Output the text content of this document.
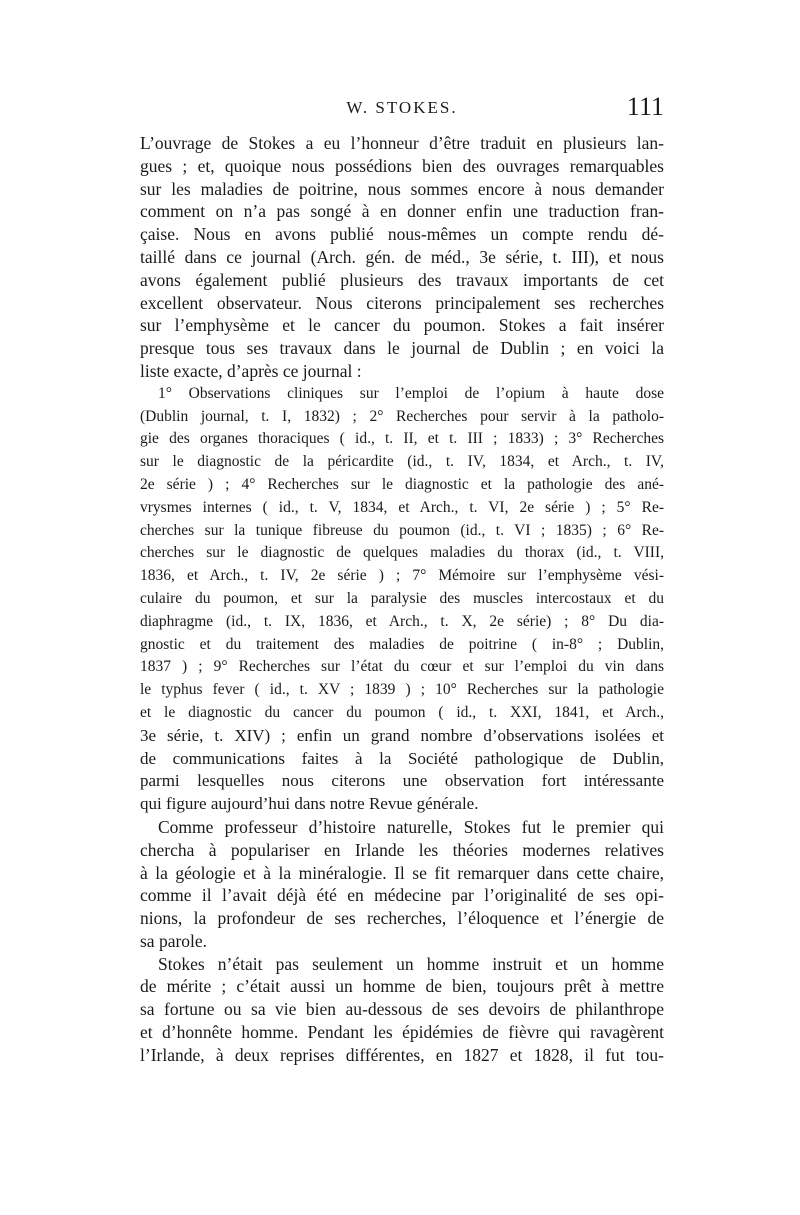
W. STOKES.	111
L’ouvrage de Stokes a eu l’honneur d’être traduit en plusieurs lan-
gues ; et, quoique nous possédions bien des ouvrages remarquables
sur les maladies de poitrine, nous sommes encore à nous demander
comment on n’a pas songé à en donner enfin une traduction fran-
çaise. Nous en avons publié nous-mêmes un compte rendu dé-
taillé dans ce journal (Arch. gén. de méd., 3e série, t. III), et nous
avons également publié plusieurs des travaux importants de cet
excellent observateur. Nous citerons principalement ses recherches
sur l’emphysème et le cancer du poumon. Stokes a fait insérer
presque tous ses travaux dans le journal de Dublin ; en voici la
liste exacte, d’après ce journal :
1° Observations cliniques sur l’emploi de l’opium à haute dose
(Dublin journal, t. I, 1832) ; 2° Recherches pour servir à la patholo-
gie des organes thoraciques ( id., t. II, et t. III ; 1833) ; 3° Recherches
sur le diagnostic de la péricardite (id., t. IV, 1834, et Arch., t. IV,
2e série ) ; 4° Recherches sur le diagnostic et la pathologie des ané-
vrysmes internes ( id., t. V, 1834, et Arch., t. VI, 2e série ) ; 5° Re-
cherches sur la tunique fibreuse du poumon (id., t. VI ; 1835) ; 6° Re-
cherches sur le diagnostic de quelques maladies du thorax (id., t. VIII,
1836, et Arch., t. IV, 2e série ) ; 7° Mémoire sur l’emphysème vési-
culaire du poumon, et sur la paralysie des muscles intercostaux et du
diaphragme (id., t. IX, 1836, et Arch., t. X, 2e série) ; 8° Du dia-
gnostic et du traitement des maladies de poitrine ( in-8° ; Dublin,
1837 ) ; 9° Recherches sur l’état du cœur et sur l’emploi du vin dans
le typhus fever ( id., t. XV ; 1839 ) ; 10° Recherches sur la pathologie
et le diagnostic du cancer du poumon ( id., t. XXI, 1841, et Arch.,
3e série, t. XIV) ; enfin un grand nombre d’observations isolées et
de communications faites à la Société pathologique de Dublin,
parmi lesquelles nous citerons une observation fort intéressante
qui figure aujourd’hui dans notre Revue générale.
Comme professeur d’histoire naturelle, Stokes fut le premier qui
chercha à populariser en Irlande les théories modernes relatives
à la géologie et à la minéralogie. Il se fit remarquer dans cette chaire,
comme il l’avait déjà été en médecine par l’originalité de ses opi-
nions, la profondeur de ses recherches, l’éloquence et l’énergie de
sa parole.
Stokes n’était pas seulement un homme instruit et un homme
de mérite ; c’était aussi un homme de bien, toujours prêt à mettre
sa fortune ou sa vie bien au-dessous de ses devoirs de philanthrope
et d’honnête homme. Pendant les épidémies de fièvre qui ravagèrent
l’Irlande, à deux reprises différentes, en 1827 et 1828, il fut tou-
